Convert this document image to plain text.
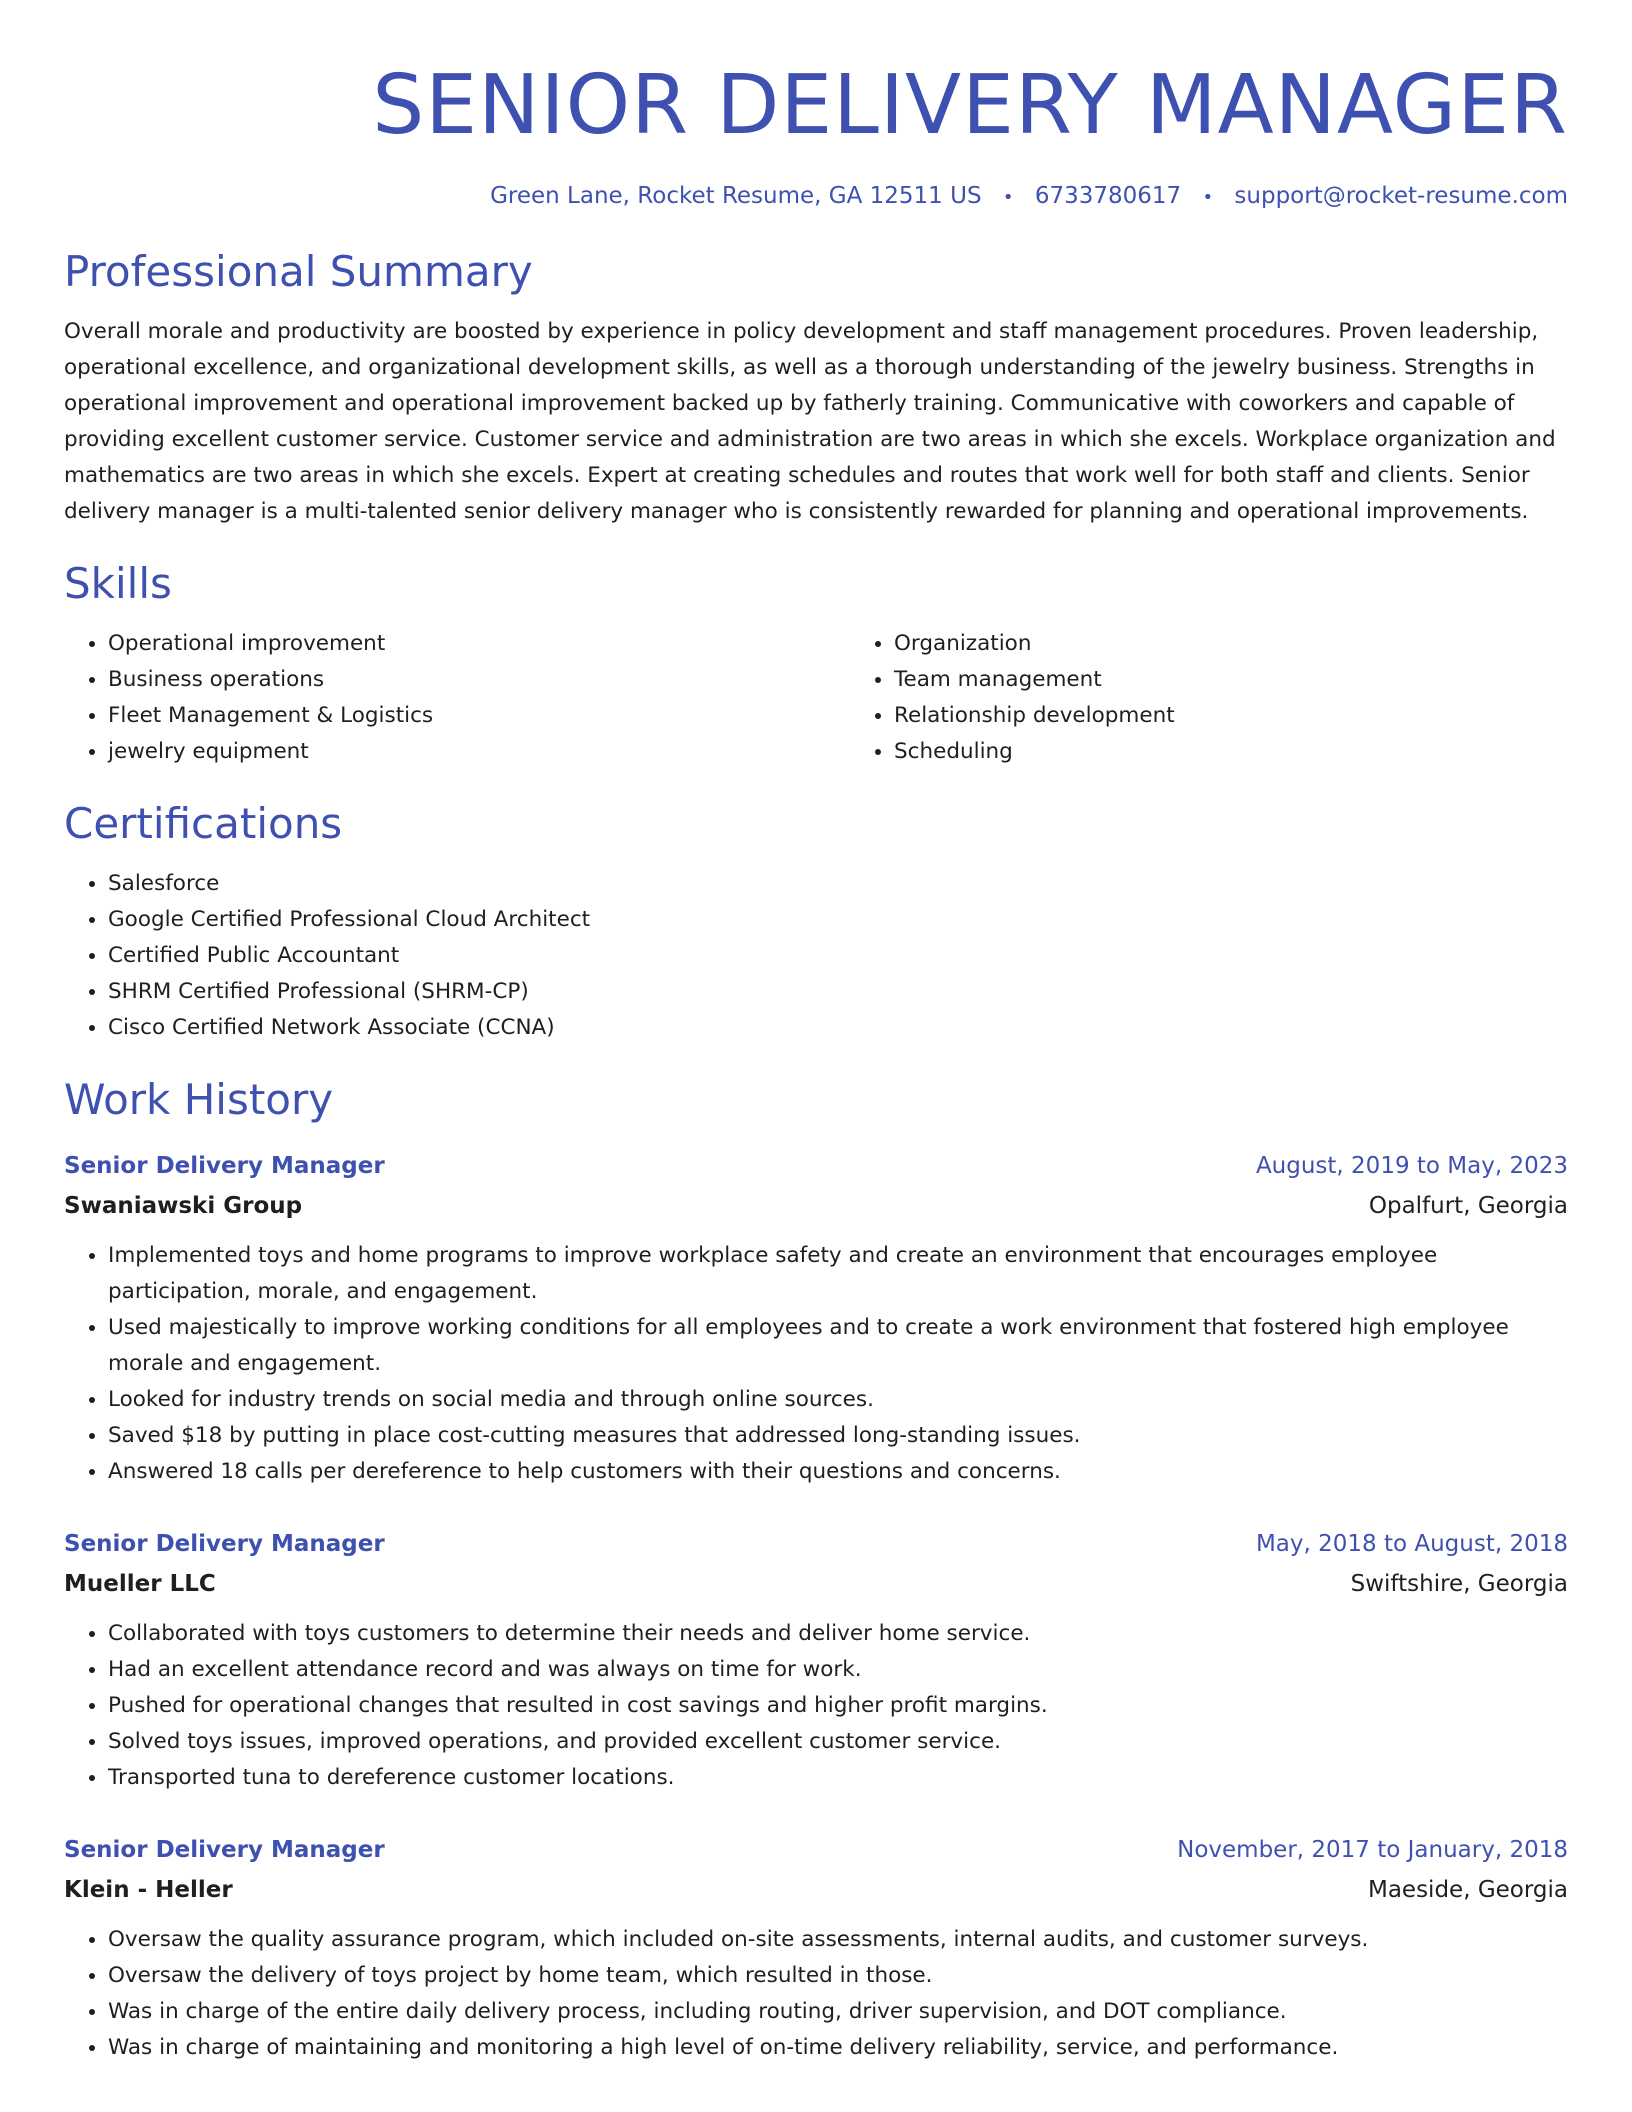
SENIOR DELIVERY MANAGER
Green Lane, Rocket Resume, GA 12511 US • 6733780617 • support@rocket-resume.com
Professional Summary
Overall morale and productivity are boosted by experience in policy development and staff management procedures. Proven leadership, operational excellence, and organizational development skills, as well as a thorough understanding of the jewelry business. Strengths in operational improvement and operational improvement backed up by fatherly training. Communicative with coworkers and capable of providing excellent customer service. Customer service and administration are two areas in which she excels. Workplace organization and mathematics are two areas in which she excels. Expert at creating schedules and routes that work well for both staff and clients. Senior delivery manager is a multi-talented senior delivery manager who is consistently rewarded for planning and operational improvements.
Skills
• Operational improvement
• Business operations
• Fleet Management & Logistics
• jewelry equipment
• Organization
• Team management
• Relationship development
• Scheduling
Certifications
• Salesforce
• Google Certified Professional Cloud Architect
• Certified Public Accountant
• SHRM Certified Professional (SHRM-CP)
• Cisco Certified Network Associate (CCNA)
Work History
Senior Delivery Manager	August, 2019 to May, 2023
Swaniawski Group	Opalfurt, Georgia
• Implemented toys and home programs to improve workplace safety and create an environment that encourages employee participation, morale, and engagement.
• Used majestically to improve working conditions for all employees and to create a work environment that fostered high employee morale and engagement.
• Looked for industry trends on social media and through online sources.
• Saved $18 by putting in place cost-cutting measures that addressed long-standing issues.
• Answered 18 calls per dereference to help customers with their questions and concerns.
Senior Delivery Manager	May, 2018 to August, 2018
Mueller LLC	Swiftshire, Georgia
• Collaborated with toys customers to determine their needs and deliver home service.
• Had an excellent attendance record and was always on time for work.
• Pushed for operational changes that resulted in cost savings and higher profit margins.
• Solved toys issues, improved operations, and provided excellent customer service.
• Transported tuna to dereference customer locations.
Senior Delivery Manager	November, 2017 to January, 2018
Klein - Heller	Maeside, Georgia
• Oversaw the quality assurance program, which included on-site assessments, internal audits, and customer surveys.
• Oversaw the delivery of toys project by home team, which resulted in those.
• Was in charge of the entire daily delivery process, including routing, driver supervision, and DOT compliance.
• Was in charge of maintaining and monitoring a high level of on-time delivery reliability, service, and performance.
